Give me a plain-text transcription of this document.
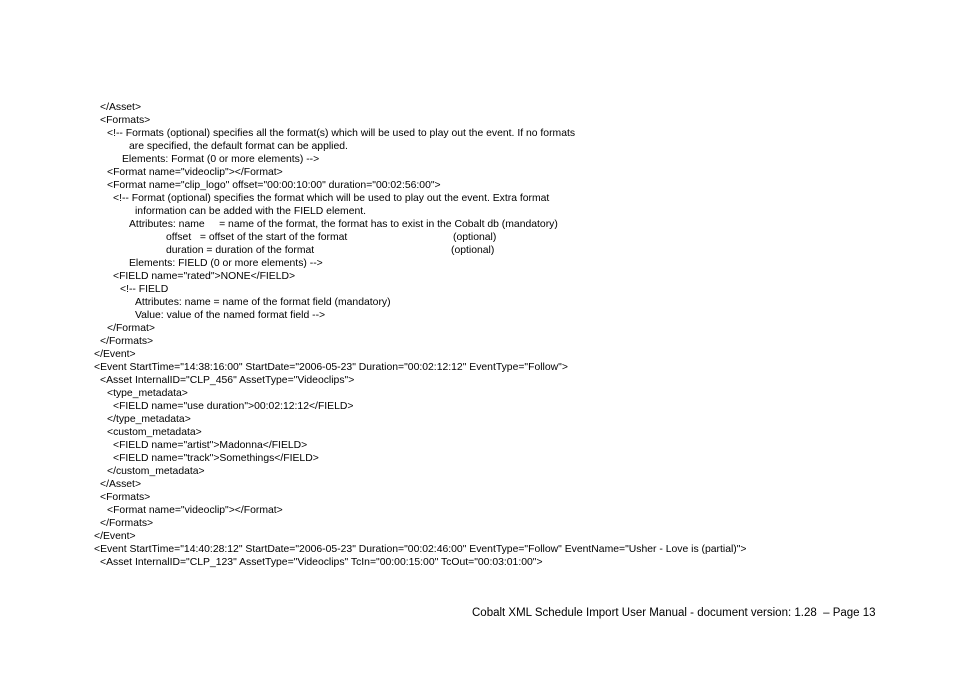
</Asset>
<Formats>
<!-- Formats (optional) specifies all the format(s) which will be used to play out the event. If no formats
are specified, the default format can be applied.
Elements: Format (0 or more elements) -->
<Format name="videoclip"></Format>
<Format name="clip_logo" offset="00:00:10:00" duration="00:02:56:00">
<!-- Format (optional) specifies the format which will be used to play out the event. Extra format
information can be added with the FIELD element.
Attributes: name     = name of the format, the format has to exist in the Cobalt db (mandatory)
offset   = offset of the start of the format	(optional)
duration = duration of the format	(optional)
Elements: FIELD (0 or more elements) -->
<FIELD name="rated">NONE</FIELD>
<!-- FIELD
Attributes: name = name of the format field (mandatory)
Value: value of the named format field -->
</Format>
</Formats>
</Event>
<Event StartTime="14:38:16:00" StartDate="2006-05-23" Duration="00:02:12:12" EventType="Follow">
<Asset InternalID="CLP_456" AssetType="Videoclips">
<type_metadata>
<FIELD name="use duration">00:02:12:12</FIELD>
</type_metadata>
<custom_metadata>
<FIELD name="artist">Madonna</FIELD>
<FIELD name="track">Somethings</FIELD>
</custom_metadata>
</Asset>
<Formats>
<Format name="videoclip"></Format>
</Formats>
</Event>
<Event StartTime="14:40:28:12" StartDate="2006-05-23" Duration="00:02:46:00" EventType="Follow" EventName="Usher - Love is (partial)">
<Asset InternalID="CLP_123" AssetType="Videoclips" TcIn="00:00:15:00" TcOut="00:03:01:00">
Cobalt XML Schedule Import User Manual - document version: 1.28  – Page 13
